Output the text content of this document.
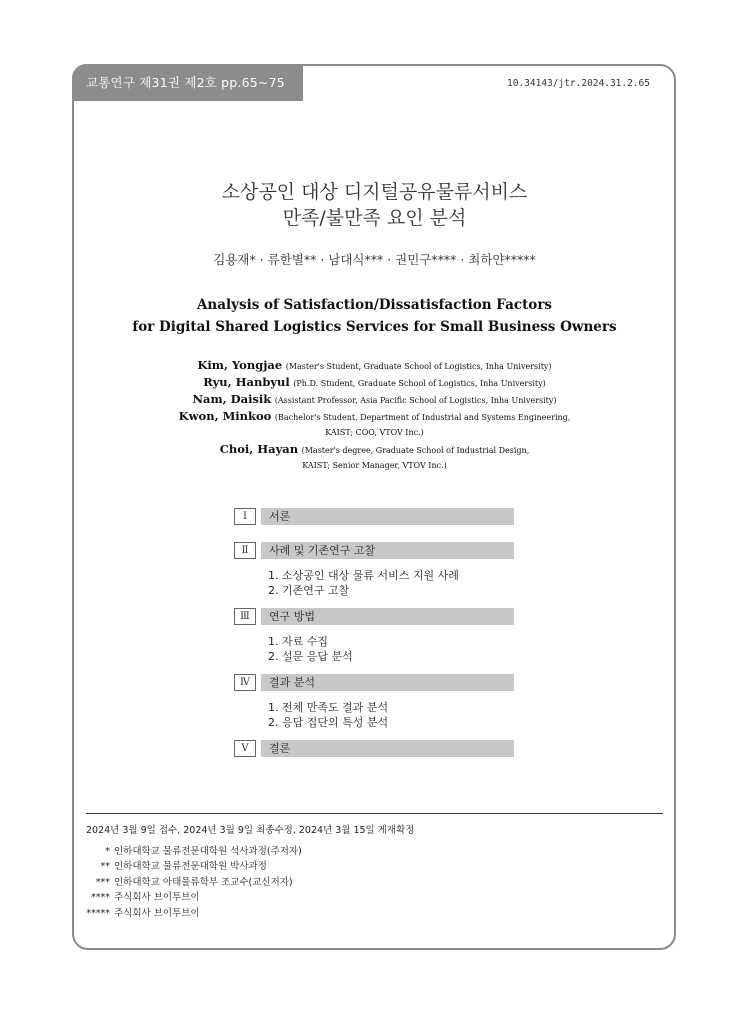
교통연구 제31권 제2호 pp.65~75	10.34143/jtr.2024.31.2.65
소상공인 대상 디지털공유물류서비스
만족/불만족 요인 분석
김용재* · 류한별** · 남대식*** · 권민구**** · 최하얀*****
Analysis of Satisfaction/Dissatisfaction Factors
for Digital Shared Logistics Services for Small Business Owners
Kim, Yongjae (Master's Student, Graduate School of Logistics, Inha University)
Ryu, Hanbyul (Ph.D. Student, Graduate School of Logistics, Inha University)
Nam, Daisik (Assistant Professor, Asia Pacific School of Logistics, Inha University)
Kwon, Minkoo (Bachelor's Student, Department of Industrial and Systems Engineering,
KAIST; COO, VTOV Inc.)
Choi, Hayan (Master's degree, Graduate School of Industrial Design,
KAIST; Senior Manager, VTOV Inc.)
Ⅰ	서론
Ⅱ	사례 및 기존연구 고찰
1. 소상공인 대상 물류 서비스 지원 사례
2. 기존연구 고찰
Ⅲ	연구 방법
1. 자료 수집
2. 설문 응답 분석
Ⅳ	결과 분석
1. 전체 만족도 결과 분석
2. 응답 집단의 특성 분석
Ⅴ	결론
2024년 3월 9일 접수, 2024년 3월 9일 최종수정, 2024년 3월 15일 게재확정
* 인하대학교 물류전문대학원 석사과정(주저자)
** 인하대학교 물류전문대학원 박사과정
*** 인하대학교 아태물류학부 조교수(교신저자)
**** 주식회사 브이투브이
***** 주식회사 브이투브이
